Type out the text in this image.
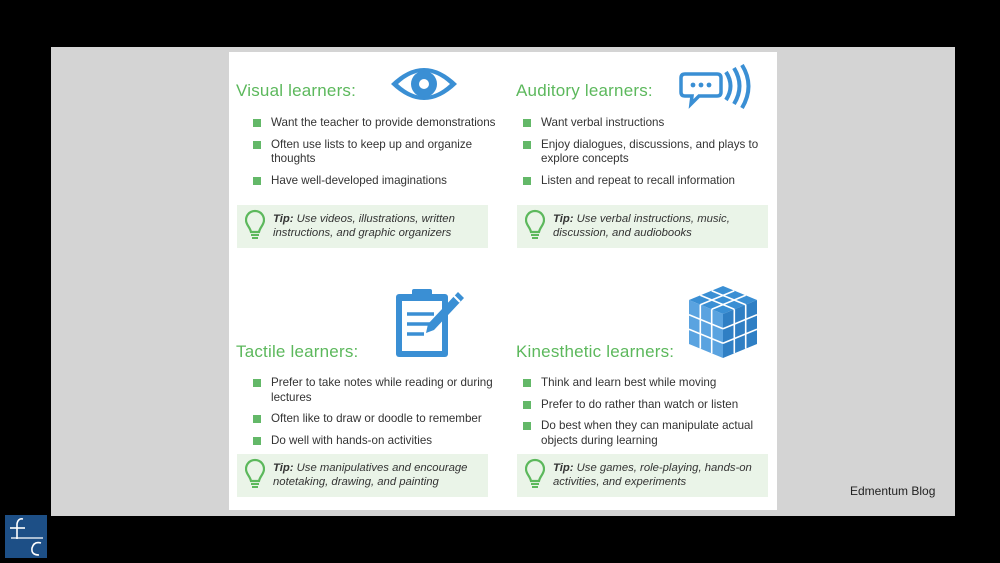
Visual learners:
Want the teacher to provide demonstrations
Often use lists to keep up and organize thoughts
Have well-developed imaginations
Tip: Use videos, illustrations, written instructions, and graphic organizers
Auditory learners:
Want verbal instructions
Enjoy dialogues, discussions, and plays to explore concepts
Listen and repeat to recall information
Tip: Use verbal instructions, music, discussion, and audiobooks
Tactile learners:
Prefer to take notes while reading or during lectures
Often like to draw or doodle to remember
Do well with hands-on activities
Tip: Use manipulatives and encourage notetaking, drawing, and painting
Kinesthetic learners:
Think and learn best while moving
Prefer to do rather than watch or listen
Do best when they can manipulate actual objects during learning
Tip: Use games, role-playing, hands-on activities, and experiments
Edmentum Blog
